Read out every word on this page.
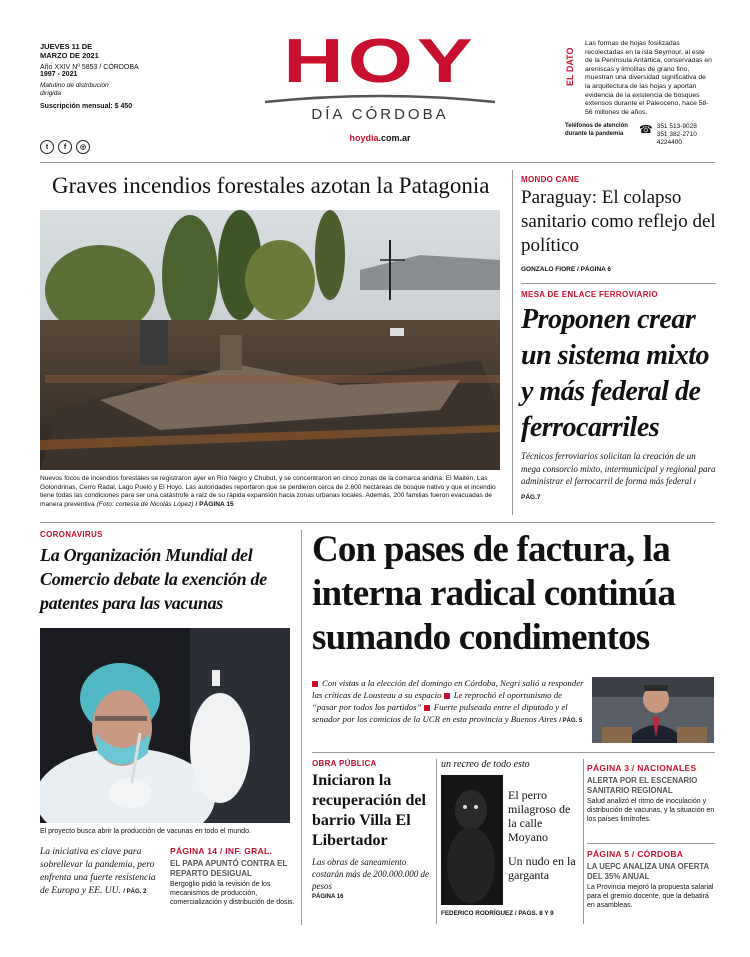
JUEVES 11 DE MARZO DE 2021
Año XXIV Nº 5853 / CÓRDOBA
1997 - 2021
Matutino de distribución dirigida
Suscripción mensual: $ 450
t	f	◎
HOY
DÍA CÓRDOBA
hoydia.com.ar
EL DATO
Las formas de hojas fosilizadas recolectadas en la isla Seymour, al este de la Península Antártica, conservadas en areniscas y limolitas de grano fino, muestran una diversidad significativa de la arquitectura de las hojas y aportan evidencia de la existencia de bosques extensos durante el Paleoceno, hace 58-56 millones de años.
Teléfonos de atención durante la pandemia	☎ 351 513-9028
351 382-2710
4224400
Graves incendios forestales azotan la Patagonia
Nuevos focos de incendios forestales se registraron ayer en Río Negro y Chubut, y se concentraron en cinco zonas de la comarca andina: El Maitén, Las Golondrinas, Cerro Radal, Lago Puelo y El Hoyo. Las autoridades reportaron que se perdieron cerca de 2.600 hectáreas de bosque nativo y que el incendio tiene todas las condiciones para ser una catástrofe a raíz de su rápida expansión hacia zonas urbanas locales. Además, 200 familias fueron evacuadas de manera preventiva (Foto: cortesía de Nicolás López) / PÁGINA 15
MONDO CANE
Paraguay: El colapso sanitario como reflejo del político
GONZALO FIORE / PÁGINA 6
MESA DE ENLACE FERROVIARIO
Proponen crear un sistema mixto y más federal de ferrocarriles
Técnicos ferroviarios solicitan la creación de un mega consorcio mixto, intermunicipal y regional para administrar el ferrocarril de forma más federal / PÁG.7
CORONAVIRUS
La Organización Mundial del Comercio debate la exención de patentes para las vacunas
El proyecto busca abrir la producción de vacunas en todo el mundo.
La iniciativa es clave para sobrellevar la pandemia, pero enfrenta una fuerte resistencia de Europa y EE. UU. / PÁG. 2
PÁGINA 14 / INF. GRAL.
EL PAPA APUNTÓ CONTRA EL REPARTO DESIGUAL
Bergoglio pidió la revisión de los mecanismos de producción, comercialización y distribución de dosis.
Con pases de factura, la interna radical continúa sumando condimentos
Con vistas a la elección del domingo en Córdoba, Negri salió a responder las críticas de Lousteau a su espacio Le reprochó el oportunismo de “pasar por todos los partidos” Fuerte pulseada entre el diputado y el senador por los comicios de la UCR en esta provincia y Buenos Aires / PÁG. 5
OBRA PÚBLICA
Iniciaron la recuperación del barrio Villa El Libertador
Las obras de saneamiento costarán más de 200.000.000 de pesos
PÁGINA 16
un recreo de todo esto
El perro milagroso de la calle Moyano
Un nudo en la garganta
FEDERICO RODRÍGUEZ / PAGS. 8 Y 9
PÁGINA 3 / NACIONALES
ALERTA POR EL ESCENARIO SANITARIO REGIONAL
Salud analizó el ritmo de inoculación y distribución de vacunas, y la situación en los países limítrofes.
PÁGINA 5 / CÓRDOBA
LA UEPC ANALIZA UNA OFERTA DEL 35% ANUAL
La Provincia mejoró la propuesta salarial para el gremio docente, que la debatirá en asambleas.
